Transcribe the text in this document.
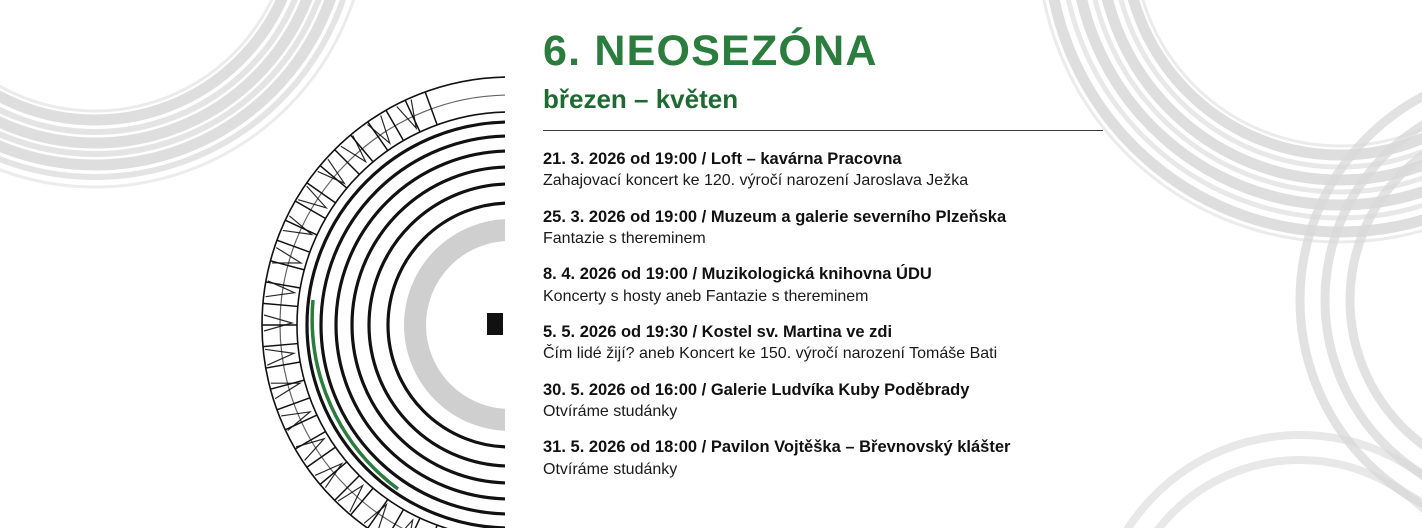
6. NEOSEZÓNA
březen – květen
21. 3. 2026 od 19:00 / Loft – kavárna Pracovna
Zahajovací koncert ke 120. výročí narození Jaroslava Ježka
25. 3. 2026 od 19:00 / Muzeum a galerie severního Plzeňska
Fantazie s thereminem
8. 4. 2026 od 19:00 / Muzikologická knihovna ÚDU
Koncerty s hosty aneb Fantazie s thereminem
5. 5. 2026 od 19:30 / Kostel sv. Martina ve zdi
Čím lidé žijí? aneb Koncert ke 150. výročí narození Tomáše Bati
30. 5. 2026 od 16:00 / Galerie Ludvíka Kuby Poděbrady
Otvíráme studánky
31. 5. 2026 od 18:00 / Pavilon Vojtěška – Břevnovský klášter
Otvíráme studánky
